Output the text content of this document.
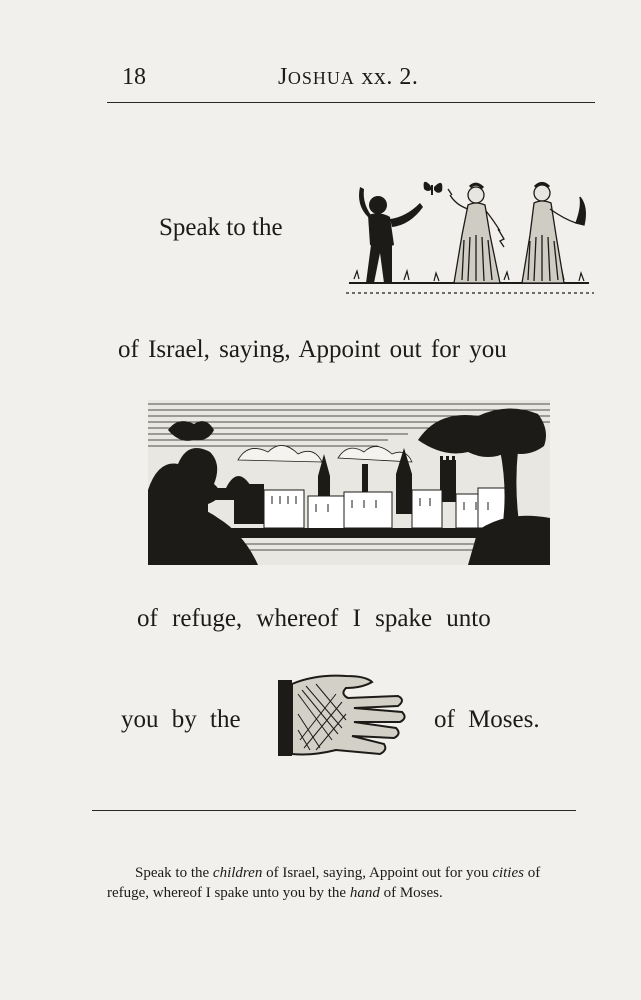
18	JOSHUA xx. 2.
Speak to the
of Israel, saying, Appoint out for you
of refuge, whereof I spake unto
you by the	of Moses.

Speak to the children of Israel, saying, Appoint out for you cities of refuge, whereof I spake unto you by the hand of Moses.
